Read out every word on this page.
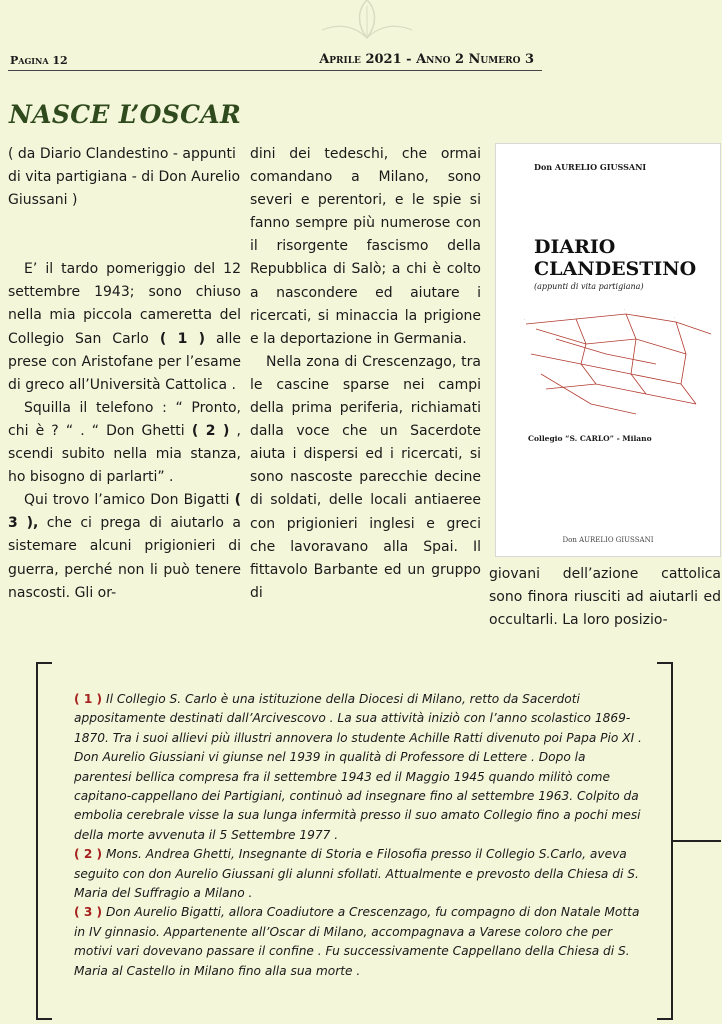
Pagina 12	Aprile 2021 - Anno 2 Numero 3
NASCE L’OSCAR

( da Diario Clandestino - appunti di vita partigiana - di Don Aurelio Giussani )

E’ il tardo pomeriggio del 12 settembre 1943; sono chiuso nella mia piccola cameretta del Collegio San Carlo ( 1 ) alle prese con Aristofane per l’esame di greco all’Università Cattolica .

Squilla il telefono : “ Pronto, chi è ? “ . “ Don Ghetti ( 2 ) , scendi subito nella mia stanza, ho bisogno di parlarti” .

Qui trovo l’amico Don Bigatti ( 3 ), che ci prega di aiutarlo a sistemare alcuni prigionieri di guerra, perché non li può tenere nascosti. Gli or-

dini dei tedeschi, che ormai comandano a Milano, sono severi e perentori, e le spie si fanno sempre più numerose con il risorgente fascismo della Repubblica di Salò; a chi è colto a nascondere ed aiutare i ricercati, si minaccia la prigione e la deportazione in Germania.

Nella zona di Crescenzago, tra le cascine sparse nei campi della prima periferia, richiamati dalla voce che un Sacerdote aiuta i dispersi ed i ricercati, si sono nascoste parecchie decine di soldati, delle locali antiaeree con prigionieri inglesi e greci che lavoravano alla Spai. Il fittavolo Barbante ed un gruppo di

Don AURELIO GIUSSANI
DIARIO
CLANDESTINO
(appunti di vita partigiana)
·
·
·
·
·
·
Collegio “S. CARLO” - Milano
Don AURELIO GIUSSANI

giovani dell’azione cattolica sono finora riusciti ad aiutarli ed occultarli. La loro posizio-

( 1 ) Il Collegio S. Carlo è una istituzione della Diocesi di Milano, retto da Sacerdoti appositamente destinati dall’Arcivescovo . La sua attività iniziò con l’anno scolastico 1869-1870. Tra i suoi allievi più illustri annovera lo studente Achille Ratti divenuto poi Papa Pio XI . Don Aurelio Giussiani vi giunse nel 1939 in qualità di Professore di Lettere . Dopo la parentesi bellica compresa fra il settembre 1943 ed il Maggio 1945 quando militò come capitano-cappellano dei Partigiani, continuò ad insegnare fino al settembre 1963. Colpito da embolia cerebrale visse la sua lunga infermità presso il suo amato Collegio fino a pochi mesi della morte avvenuta il 5 Settembre 1977 .

( 2 ) Mons. Andrea Ghetti, Insegnante di Storia e Filosofia presso il Collegio S.Carlo, aveva seguito con don Aurelio Giussani gli alunni sfollati. Attualmente e prevosto della Chiesa di S. Maria del Suffragio a Milano .

( 3 ) Don Aurelio Bigatti, allora Coadiutore a Crescenzago, fu compagno di don Natale Motta in IV ginnasio. Appartenente all’Oscar di Milano, accompagnava a Varese coloro che per motivi vari dovevano passare il confine . Fu successivamente Cappellano della Chiesa di S. Maria al Castello in Milano fino alla sua morte .
